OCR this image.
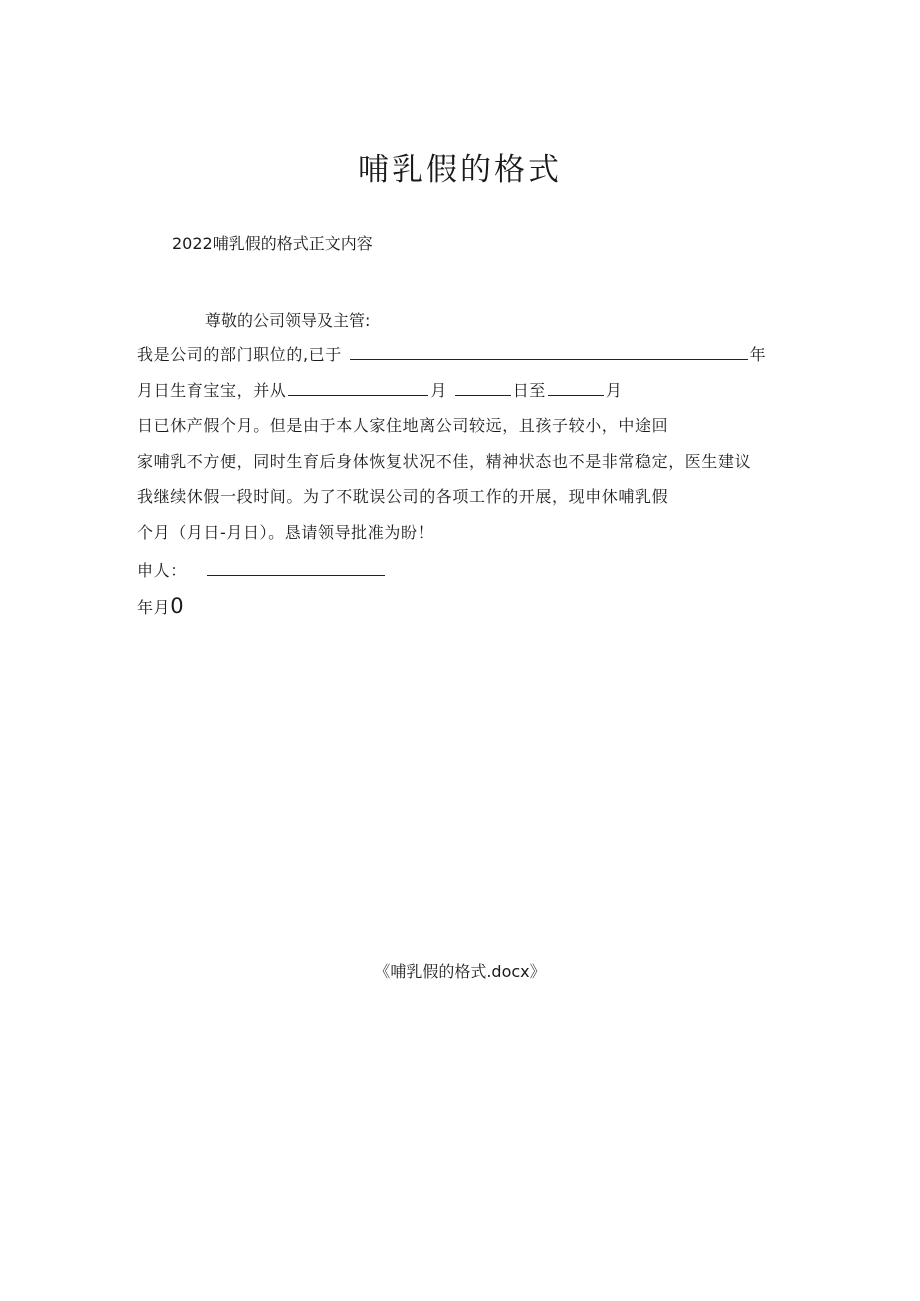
哺乳假的格式
2022哺乳假的格式正文内容
尊敬的公司领导及主管:
我是公司的部门职位的,已于	年
月日生育宝宝，并从	月	日至	月
日已休产假个月。但是由于本人家住地离公司较远，且孩子较小，中途回
家哺乳不方便，同时生育后身体恢复状况不佳，精神状态也不是非常稳定，医生建议
我继续休假一段时间。为了不耽误公司的各项工作的开展，现申休哺乳假
个月（月日-月日）。恳请领导批准为盼！
申人：
年月0
《哺乳假的格式.docx》
